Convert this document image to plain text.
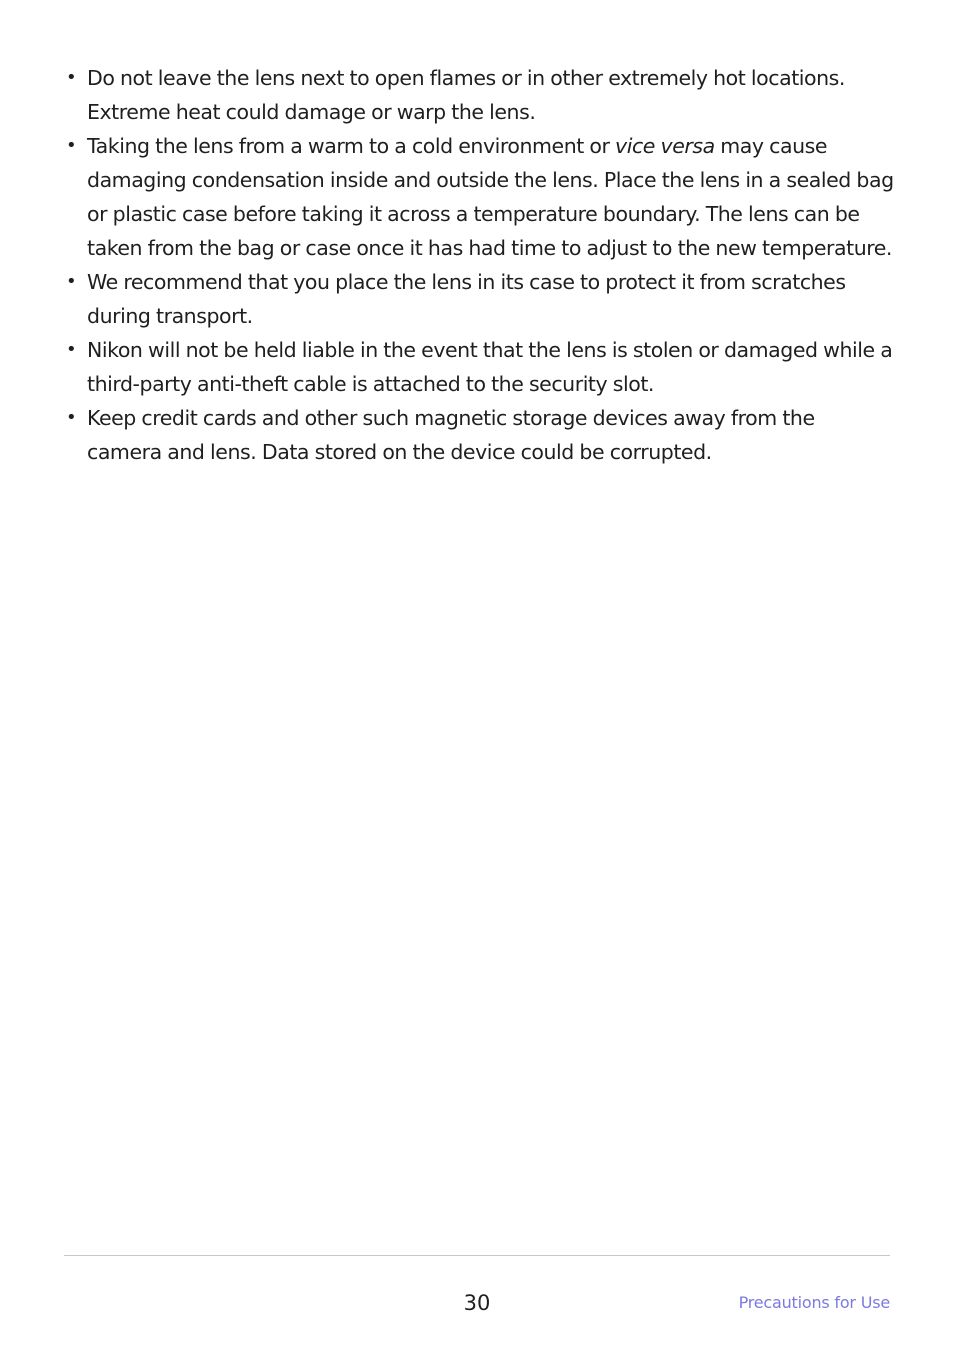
• Do not leave the lens next to open flames or in other extremely hot locations. Extreme heat could damage or warp the lens.
• Taking the lens from a warm to a cold environment or vice versa may cause damaging condensation inside and outside the lens. Place the lens in a sealed bag or plastic case before taking it across a temperature boundary. The lens can be taken from the bag or case once it has had time to adjust to the new temperature.
• We recommend that you place the lens in its case to protect it from scratches during transport.
• Nikon will not be held liable in the event that the lens is stolen or damaged while a third-party anti-theft cable is attached to the security slot.
• Keep credit cards and other such magnetic storage devices away from the camera and lens. Data stored on the device could be corrupted.
30	Precautions for Use
